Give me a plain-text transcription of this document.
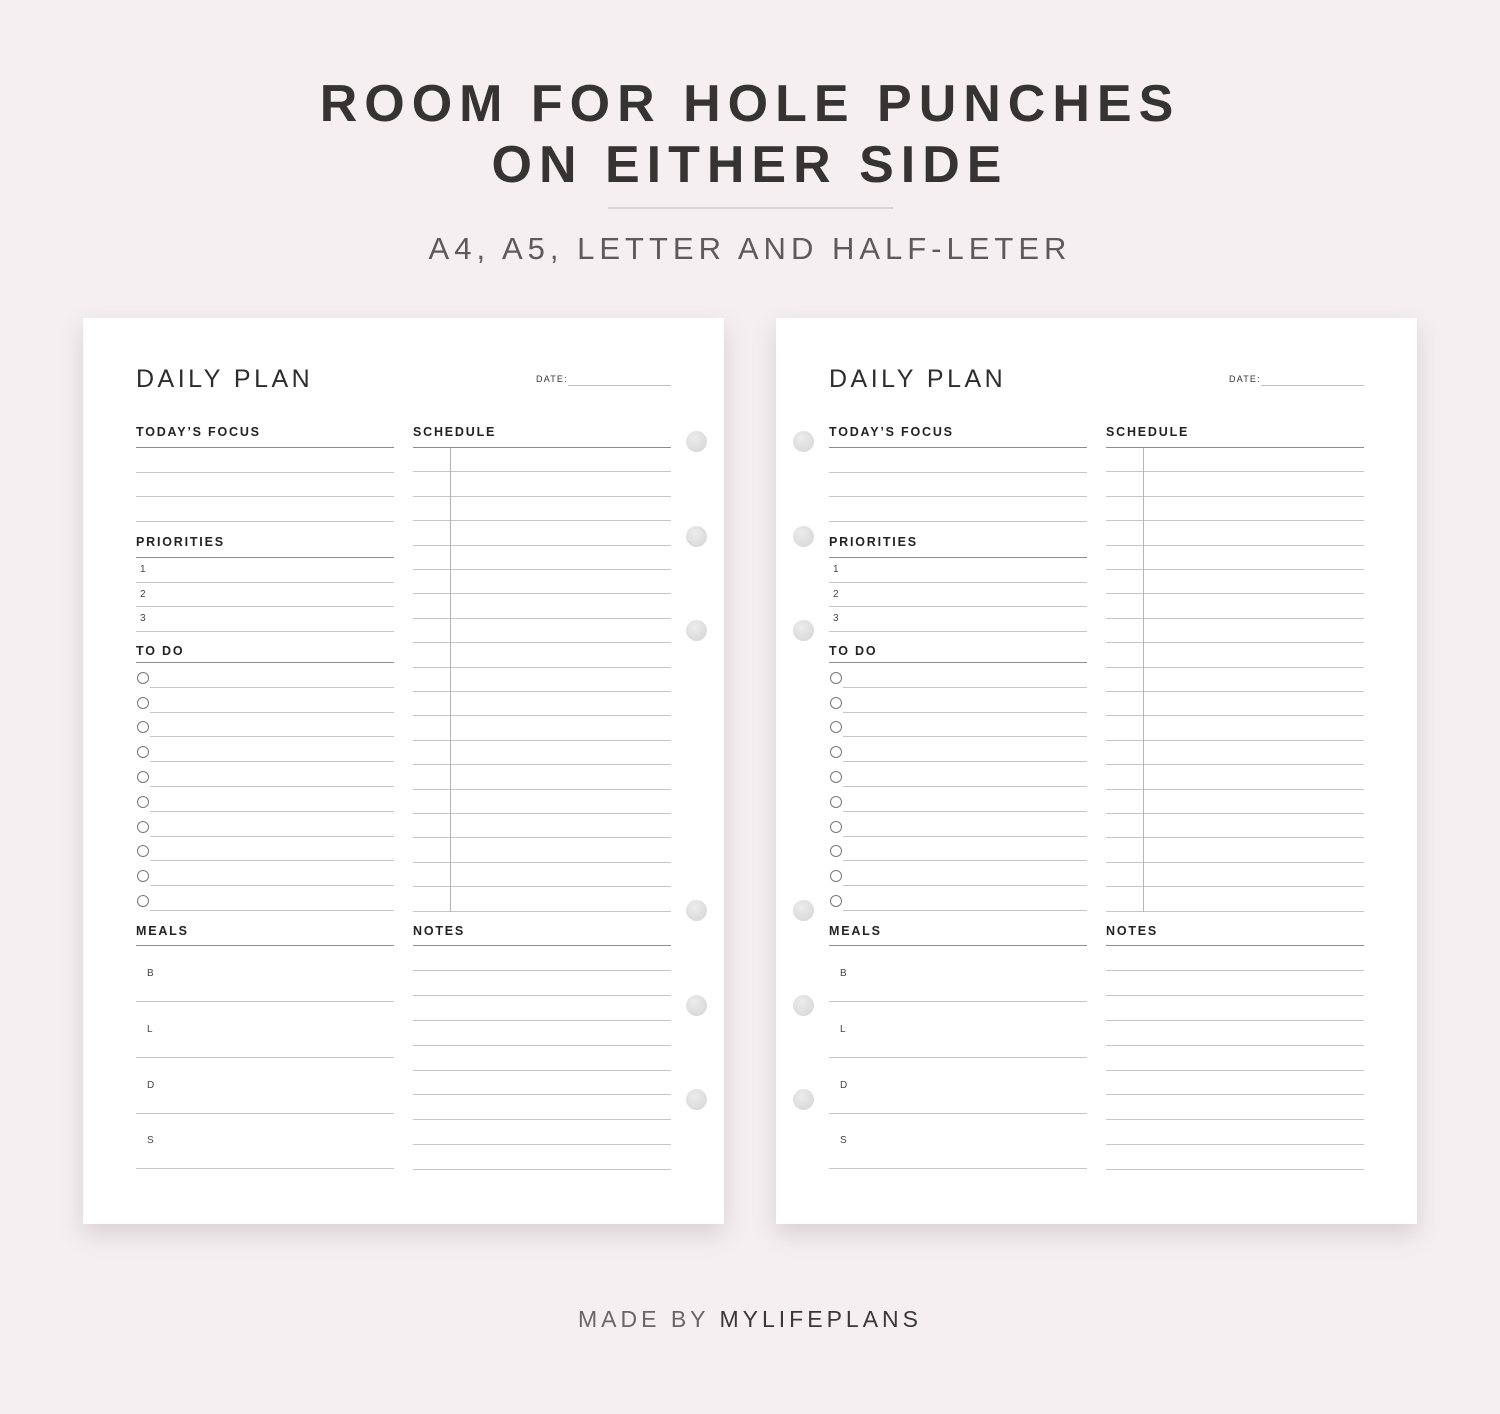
ROOM FOR HOLE PUNCHES
ON EITHER SIDE
A4, A5, LETTER AND HALF-LETER
DAILY PLAN	DATE:
TODAY’S FOCUS	SCHEDULE
PRIORITIES
TO DO
MEALS	NOTES
1
2
3
B
L
D
S
DAILY PLAN	DATE:
TODAY’S FOCUS	SCHEDULE
PRIORITIES
TO DO
MEALS	NOTES
1
2
3
B
L
D
S
MADE BY MYLIFEPLANS
